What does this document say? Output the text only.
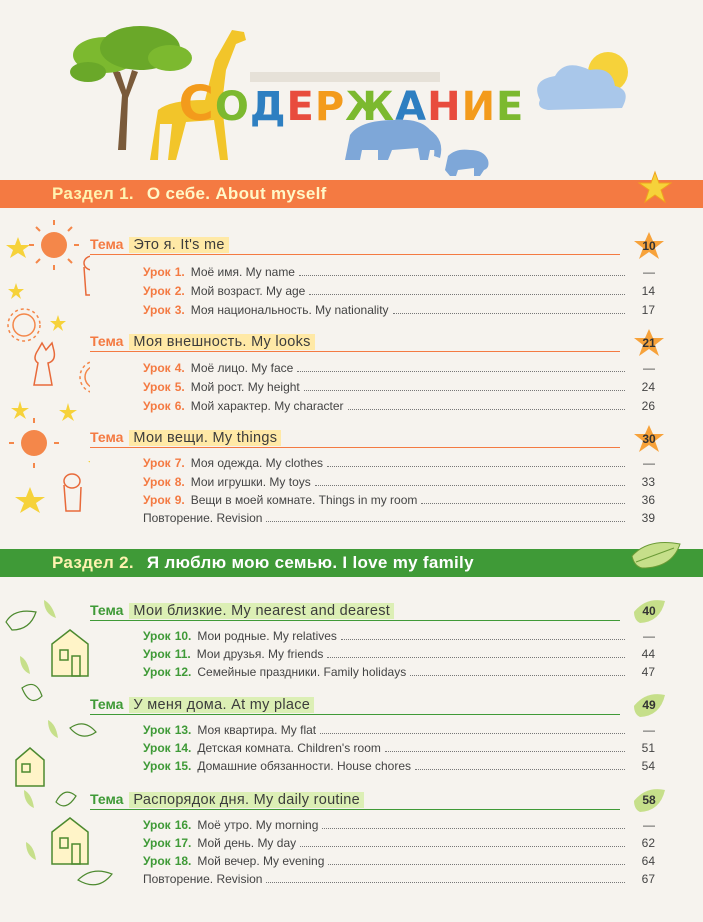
СОДЕРЖАНИЕ
Раздел 1. О себе. About myself
Раздел 2. Я люблю мою семью. I love my family
Тема Это я. It's me	10
Урок 1. Моё имя. My name	—
Урок 2. Мой возраст. My age	14
Урок 3. Моя национальность. My nationality	17
Тема Моя внешность. My looks	21
Урок 4. Моё лицо. My face	—
Урок 5. Мой рост. My height	24
Урок 6. Мой характер. My character	26
Тема Мои вещи. My things	30
Урок 7. Моя одежда. My clothes	—
Урок 8. Мои игрушки. My toys	33
Урок 9. Вещи в моей комнате. Things in my room	36
Повторение. Revision	39
Тема Мои близкие. My nearest and dearest	40
Урок 10. Мои родные. My relatives	—
Урок 11. Мои друзья. My friends	44
Урок 12. Семейные праздники. Family holidays	47
Тема У меня дома. At my place	49
Урок 13. Моя квартира. My flat	—
Урок 14. Детская комната. Children's room	51
Урок 15. Домашние обязанности. House chores	54
Тема Распорядок дня. My daily routine	58
Урок 16. Моё утро. My morning	—
Урок 17. Мой день. My day	62
Урок 18. Мой вечер. My evening	64
Повторение. Revision	67
